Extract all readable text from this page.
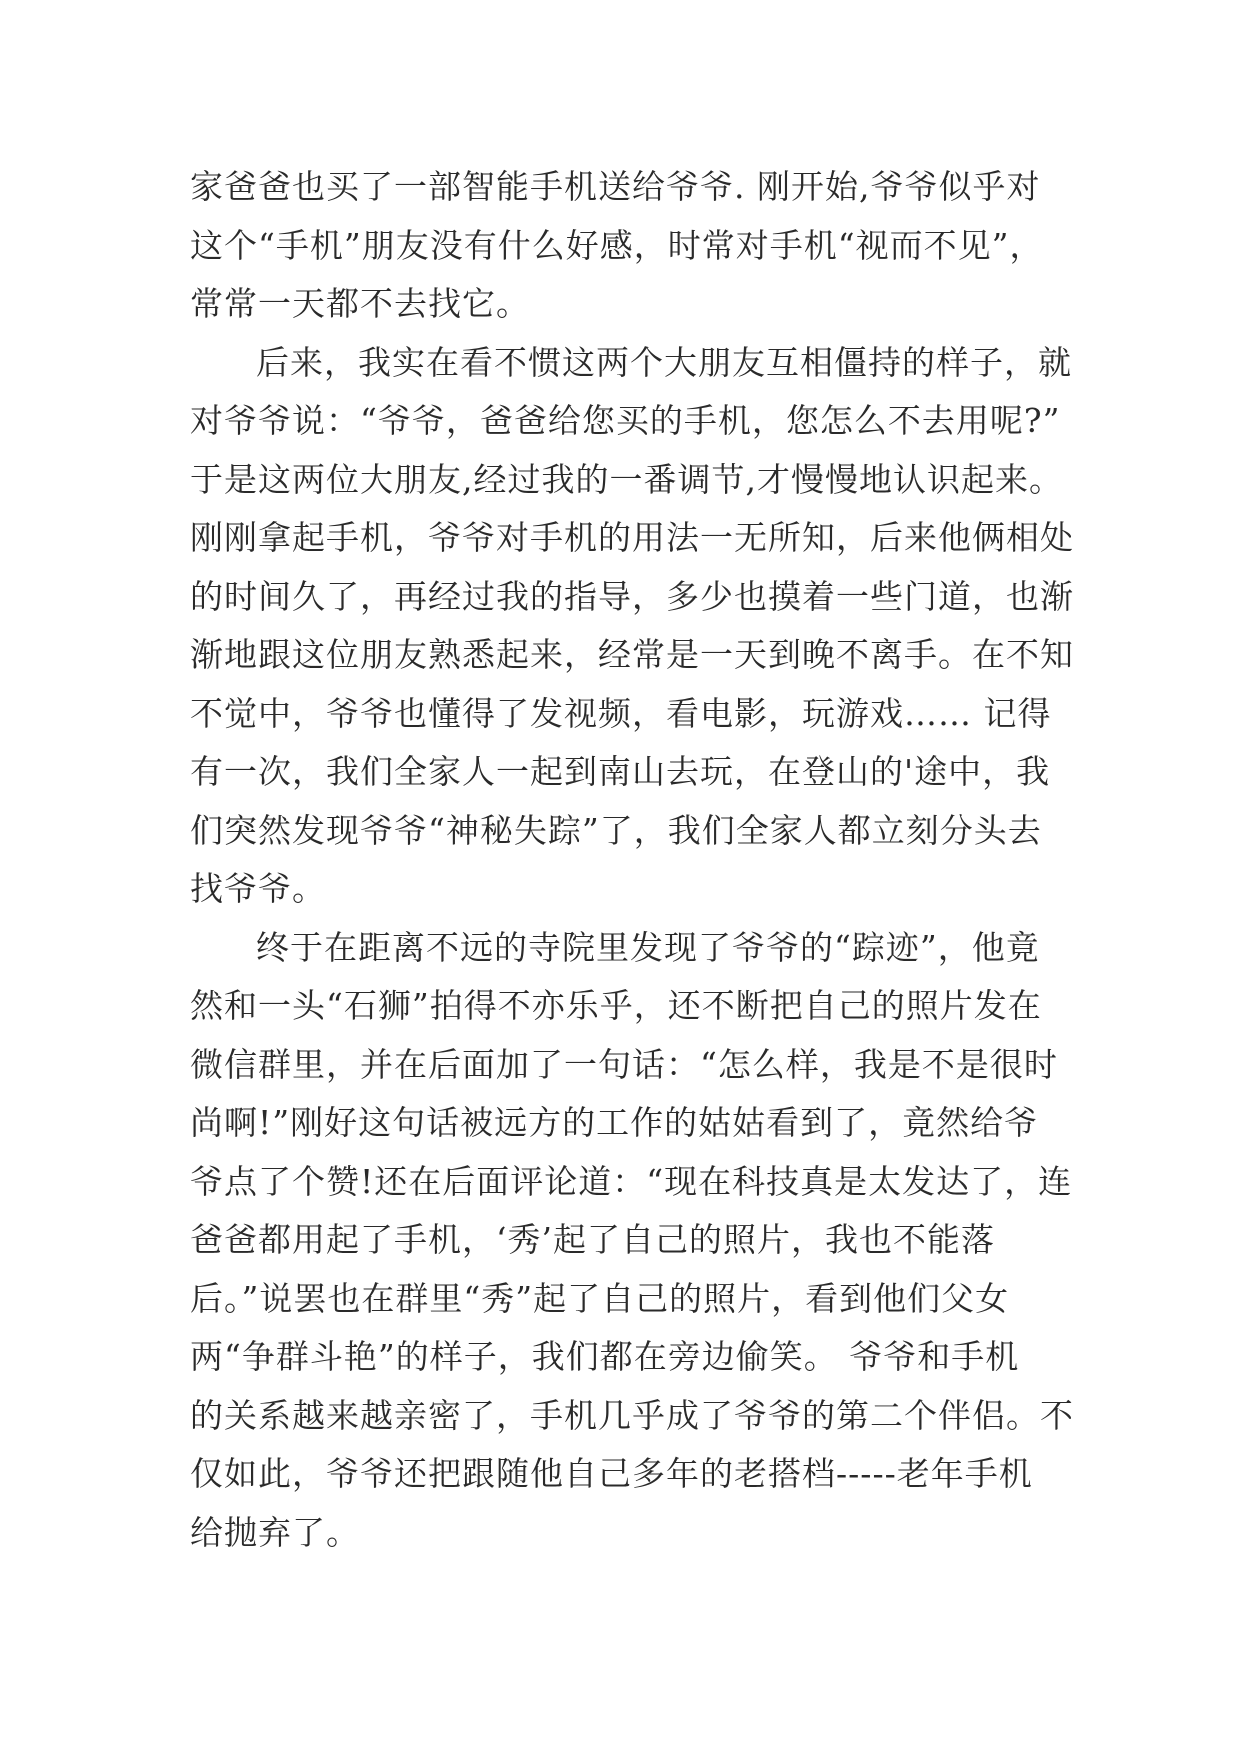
家爸爸也买了一部智能手机送给爷爷. 刚开始,爷爷似乎对
这个“手机”朋友没有什么好感，时常对手机“视而不见”，
常常一天都不去找它。
后来，我实在看不惯这两个大朋友互相僵持的样子，就
对爷爷说：“爷爷，爸爸给您买的手机，您怎么不去用呢?”
于是这两位大朋友,经过我的一番调节,才慢慢地认识起来。
刚刚拿起手机，爷爷对手机的用法一无所知，后来他俩相处
的时间久了，再经过我的指导，多少也摸着一些门道，也渐
渐地跟这位朋友熟悉起来，经常是一天到晚不离手。在不知
不觉中，爷爷也懂得了发视频，看电影，玩游戏…… 记得
有一次，我们全家人一起到南山去玩，在登山的'途中，我
们突然发现爷爷“神秘失踪”了，我们全家人都立刻分头去
找爷爷。
终于在距离不远的寺院里发现了爷爷的“踪迹”，他竟
然和一头“石狮”拍得不亦乐乎，还不断把自己的照片发在
微信群里，并在后面加了一句话：“怎么样，我是不是很时
尚啊!”刚好这句话被远方的工作的姑姑看到了，竟然给爷
爷点了个赞!还在后面评论道：“现在科技真是太发达了，连
爸爸都用起了手机，‘秀’起了自己的照片，我也不能落
后。”说罢也在群里“秀”起了自己的照片，看到他们父女
两“争群斗艳”的样子，我们都在旁边偷笑。 爷爷和手机
的关系越来越亲密了，手机几乎成了爷爷的第二个伴侣。不
仅如此，爷爷还把跟随他自己多年的老搭档-----老年手机
给抛弃了。
